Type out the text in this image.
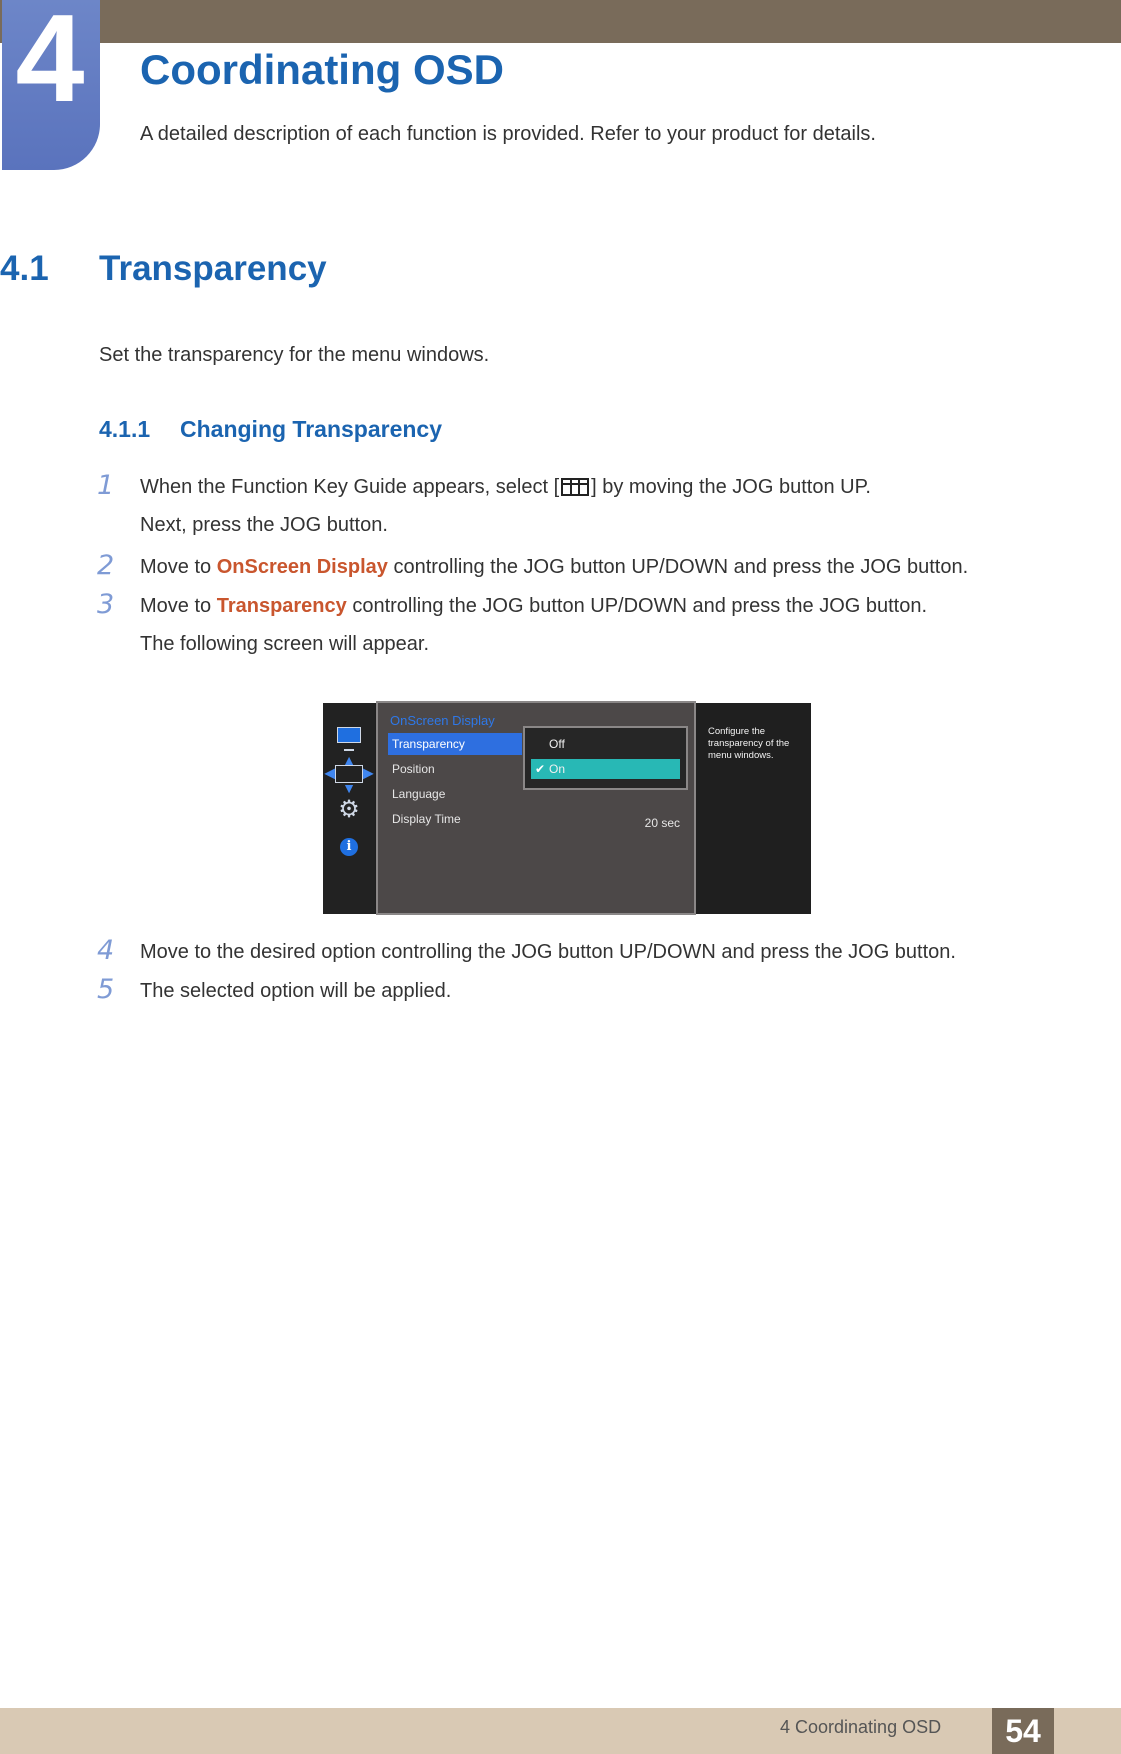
4 Coordinating OSD
A detailed description of each function is provided. Refer to your product for details.
4.1 Transparency
Set the transparency for the menu windows.
4.1.1 Changing Transparency
1 When the Function Key Guide appears, select [ ] by moving the JOG button UP.
Next, press the JOG button.
2 Move to OnScreen Display controlling the JOG button UP/DOWN and press the JOG button.
3 Move to Transparency controlling the JOG button UP/DOWN and press the JOG button.
The following screen will appear.
▲
◀ ▶
▼
⚙
i
OnScreen Display
Transparency
Position
Language
Display Time	20 sec
Off
✔ On
Configure the transparency of the menu windows.
4 Move to the desired option controlling the JOG button UP/DOWN and press the JOG button.
5 The selected option will be applied.
4 Coordinating OSD	54
